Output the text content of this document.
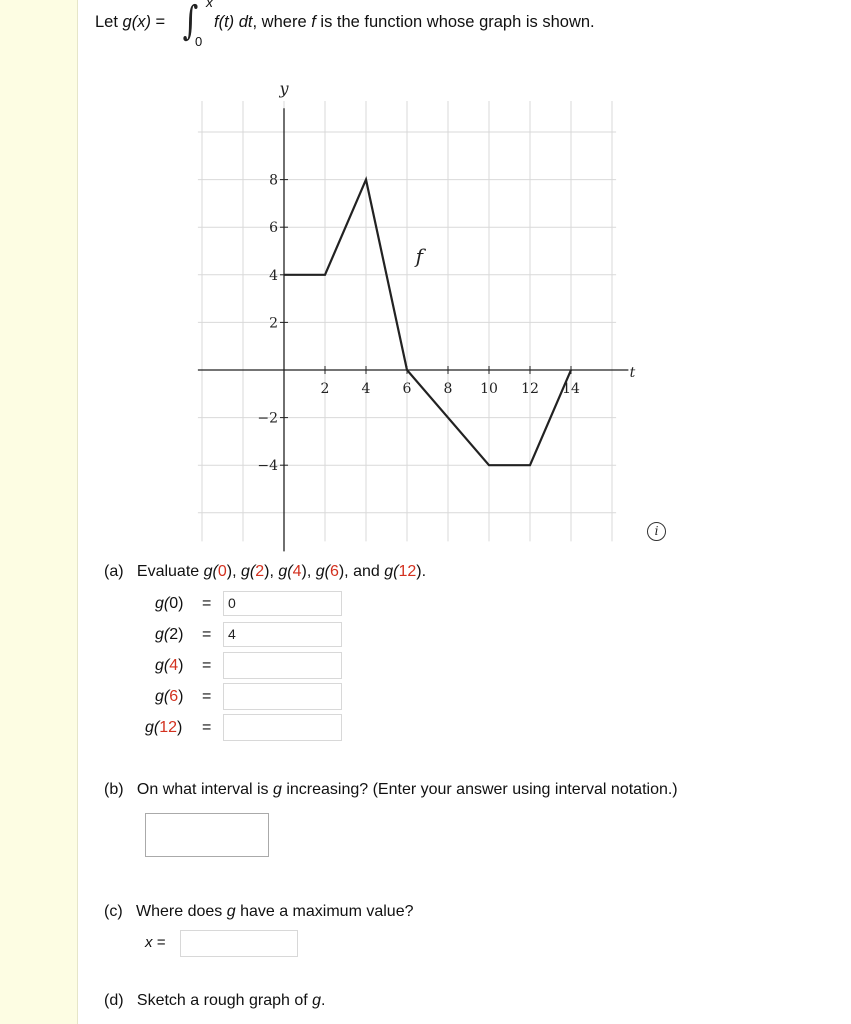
Let g(x) = ∫ x
0
f(t) dt, where f is the function whose graph is shown.
2 4 6 8 10 12 14
−4
−2
2
4
6
8
y
t
f
i
(a) Evaluate g(0), g(2), g(4), g(6), and g(12).
g(0) =	0
g(2) =	4
g(4) =
g(6) =
g(12) =
(b) On what interval is g increasing? (Enter your answer using interval notation.)
(c) Where does g have a maximum value?
x =
(d) Sketch a rough graph of g.
